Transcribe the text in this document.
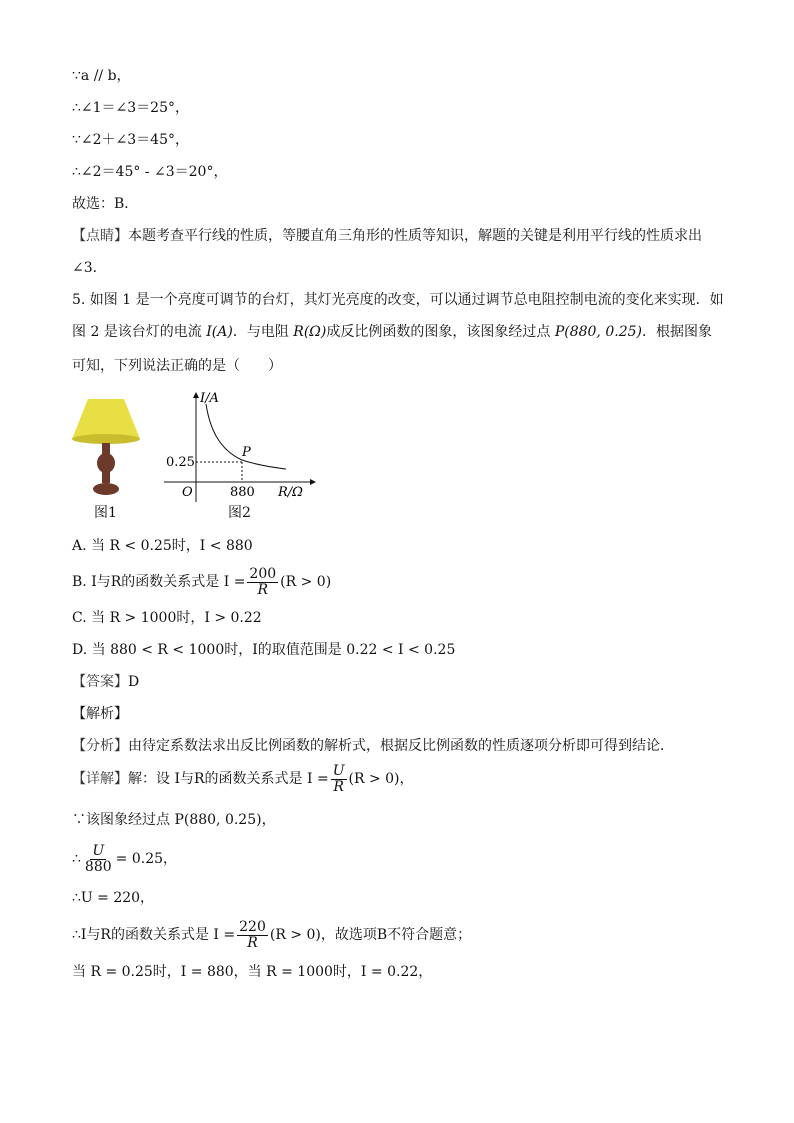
∵a // b，
∴∠1＝∠3＝25°，
∵∠2＋∠3＝45°，
∴∠2＝45° - ∠3＝20°，
故选：B．
【点睛】本题考查平行线的性质，等腰直角三角形的性质等知识，解题的关键是利用平行线的性质求出
∠3．
5. 如图 1 是一个亮度可调节的台灯，其灯光亮度的改变，可以通过调节总电阻控制电流的变化来实现．如
图 2 是该台灯的电流 I(A)．与电阻 R(Ω)成反比例函数的图象，该图象经过点 P(880, 0.25)．根据图象
可知，下列说法正确的是（　　）
图1
I/A
R/Ω
O
0.25
880
P
图2
A. 当 R < 0.25时，I < 880
B. I与R的函数关系式是 $I = \frac{200}{R} (R > 0)$
C. 当 R > 1000时，I > 0.22
D. 当 880 < R < 1000时，I的取值范围是 0.22 < I < 0.25
【答案】D
【解析】
【分析】由待定系数法求出反比例函数的解析式，根据反比例函数的性质逐项分析即可得到结论．
【详解】 解：设 I与R的函数关系式是 $I = \frac{U}{R} (R > 0)$，
∵该图象经过点 P(880, 0.25)，
∴ $\frac{U}{880} = 0.25$，
∴U = 220，
∴I与R的函数关系式是 $I = \frac{220}{R} (R > 0)$，故选项B不符合题意；
当 R = 0.25时，I = 880，当 R = 1000时，I = 0.22，
